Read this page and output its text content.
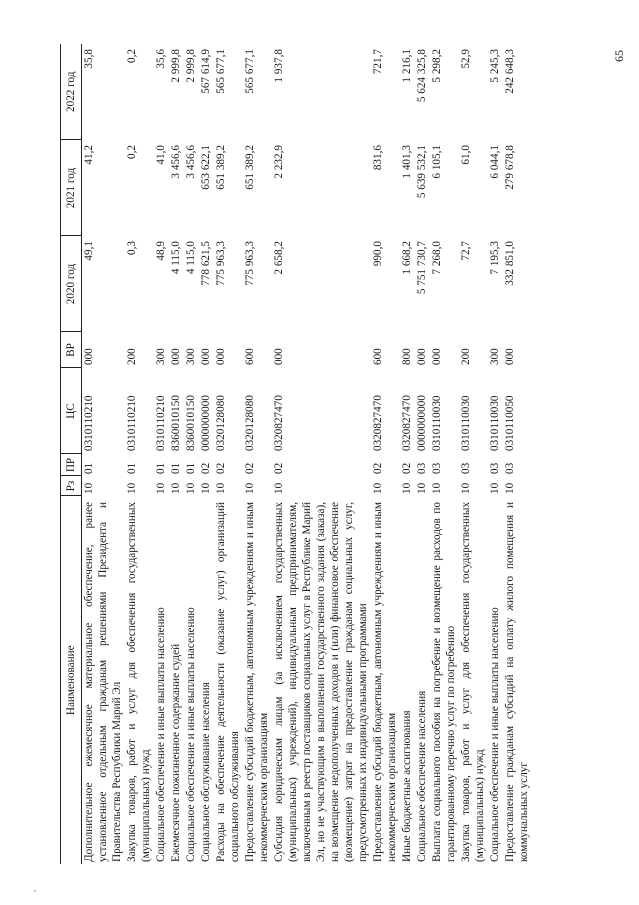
65
Наименование	Рз	ПР	ЦС	ВР	2020 год	2021 год	2022 год
Дополнительное ежемесячное материальное обеспечение, ранее установленное отдельным гражданам решениями Президента и Правительства Республики Марий Эл	10	01	0310110210	000	49,1	41,2	35,8
Закупка товаров, работ и услуг для обеспечения государственных (муниципальных) нужд	10	01	0310110210	200	0,3	0,2	0,2
Социальное обеспечение и иные выплаты населению	10	01	0310110210	300	48,9	41,0	35,6
Ежемесячное пожизненное содержание судей	10	01	8360010150	000	4 115,0	3 456,6	2 999,8
Социальное обеспечение и иные выплаты населению	10	01	8360010150	300	4 115,0	3 456,6	2 999,8
Социальное обслуживание населения	10	02	0000000000	000	778 621,5	653 622,1	567 614,9
Расходы на обеспечение деятельности (оказание услуг) организаций социального обслуживания	10	02	0320128080	000	775 963,3	651 389,2	565 677,1
Предоставление субсидий бюджетным, автономным учреждениям и иным некоммерческим организациям	10	02	0320128080	600	775 963,3	651 389,2	565 677,1
Субсидия юридическим лицам (за исключением государственных (муниципальных) учреждений), индивидуальным предпринимателям, включенным в реестр поставщиков социальных услуг в Республике Марий Эл, но не участвующим в выполнении государственного задания (заказа), на возмещение недополученных доходов и (или) финансовое обеспечение (возмещение) затрат на предоставление гражданам социальных услуг, предусмотренных их индивидуальными программами	10	02	0320827470	000	2 658,2	2 232,9	1 937,8
Предоставление субсидий бюджетным, автономным учреждениям и иным некоммерческим организациям	10	02	0320827470	600	990,0	831,6	721,7
Иные бюджетные ассигнования	10	02	0320827470	800	1 668,2	1 401,3	1 216,1
Социальное обеспечение населения	10	03	0000000000	000	5 751 730,7	5 639 532,1	5 624 325,8
Выплата социального пособия на погребение и возмещение расходов по гарантированному перечню услуг по погребению	10	03	0310110030	000	7 268,0	6 105,1	5 298,2
Закупка товаров, работ и услуг для обеспечения государственных (муниципальных) нужд	10	03	0310110030	200	72,7	61,0	52,9
Социальное обеспечение и иные выплаты населению	10	03	0310110030	300	7 195,3	6 044,1	5 245,3
Предоставление гражданам субсидий на оплату жилого помещения и коммунальных услуг	10	03	0310110050	000	332 851,0	279 678,8	242 648,3
